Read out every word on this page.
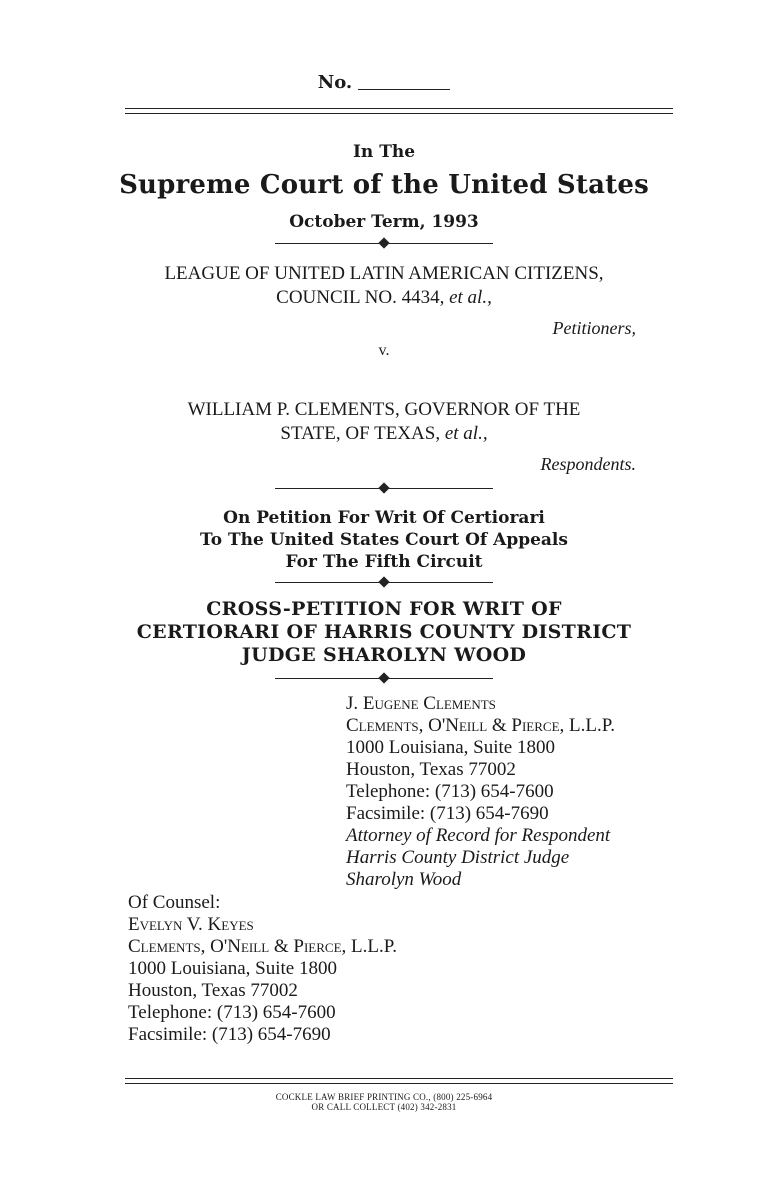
No.
In The
Supreme Court of the United States
October Term, 1993
LEAGUE OF UNITED LATIN AMERICAN CITIZENS,
COUNCIL NO. 4434, et al.,
Petitioners,
v.
WILLIAM P. CLEMENTS, GOVERNOR OF THE
STATE, OF TEXAS, et al.,
Respondents.
On Petition For Writ Of Certiorari
To The United States Court Of Appeals
For The Fifth Circuit
CROSS-PETITION FOR WRIT OF
CERTIORARI OF HARRIS COUNTY DISTRICT
JUDGE SHAROLYN WOOD
J. Eugene Clements
Clements, O'Neill & Pierce, L.L.P.
1000 Louisiana, Suite 1800
Houston, Texas 77002
Telephone: (713) 654-7600
Facsimile: (713) 654-7690
Attorney of Record for Respondent
Harris County District Judge
Sharolyn Wood
Of Counsel:
Evelyn V. Keyes
Clements, O'Neill & Pierce, L.L.P.
1000 Louisiana, Suite 1800
Houston, Texas 77002
Telephone: (713) 654-7600
Facsimile: (713) 654-7690
COCKLE LAW BRIEF PRINTING CO., (800) 225-6964
OR CALL COLLECT (402) 342-2831
